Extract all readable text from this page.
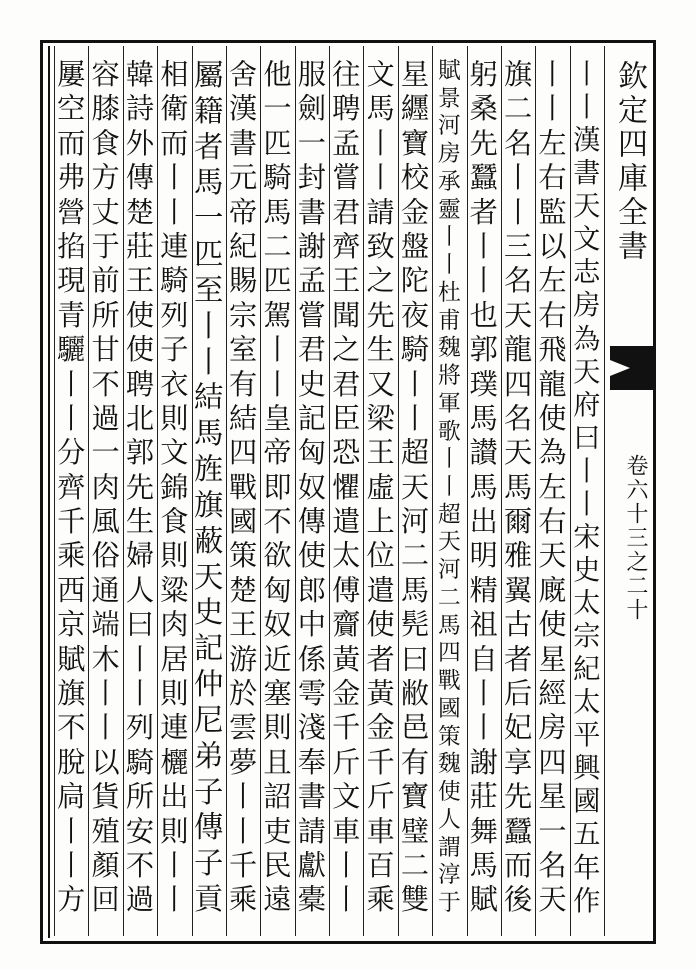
欽定四庫全書
卷六十三之二十
丨
丨
漢
書
天
文
志
房
為
天
府
曰
丨
丨
宋
史
太
宗
紀
太
平
興
國
五
年
作
丨
丨
左
右
監
以
左
右
飛
龍
使
為
左
右
天
廐
使
星
經
房
四
星
一
名
天
旗
二
名
丨
丨
三
名
天
龍
四
名
天
馬
爾
雅
翼
古
者
后
妃
享
先
蠶
而
後
躬
桑
先
蠶
者
丨
丨
也
郭
璞
馬
讃
馬
出
明
精
祖
自
丨
丨
謝
莊
舞
馬
賦
賦
景
河
房
承
靈
丨
丨
杜
甫
魏
將
軍
歌
丨
丨
超
天
河
二
馬
四
戰
國
策
魏
使
人
謂
淳
于
星
纒
寶
校
金
盤
陀
夜
騎
丨
丨
超
天
河
二
馬
髡
曰
敝
邑
有
寶
璧
二
雙
文
馬
丨
丨
請
致
之
先
生
又
梁
王
虛
上
位
遣
使
者
黃
金
千
斤
車
百
乘
往
聘
孟
嘗
君
齊
王
聞
之
君
臣
恐
懼
遣
太
傅
齎
黃
金
千
斤
文
車
丨
丨
服
劍
一
封
書
謝
孟
嘗
君
史
記
匈
奴
傳
使
郎
中
係
雩
淺
奉
書
請
獻
橐
他
一
匹
騎
馬
二
匹
駕
丨
丨
皇
帝
即
不
欲
匈
奴
近
塞
則
且
詔
吏
民
遠
舍
漢
書
元
帝
紀
賜
宗
室
有
結
四
戰
國
策
楚
王
游
於
雲
夢
丨
丨
千
乘
屬
籍
者
馬
一
匹
至
丨
丨
結
馬
旌
旗
蔽
天
史
記
仲
尼
弟
子
傳
子
貢
相
衛
而
丨
丨
連
騎
列
子
衣
則
文
錦
食
則
粱
肉
居
則
連
欐
出
則
丨
丨
韓
詩
外
傳
楚
莊
王
使
使
聘
北
郭
先
生
婦
人
曰
丨
丨
列
騎
所
安
不
過
容
膝
食
方
丈
于
前
所
甘
不
過
一
肉
風
俗
通
端
木
丨
丨
以
貨
殖
顏
回
屢
空
而
弗
營
掐
現
青
驪
丨
丨
分
齊
千
乘
西
京
賦
旗
不
脫
扃
丨
丨
方
